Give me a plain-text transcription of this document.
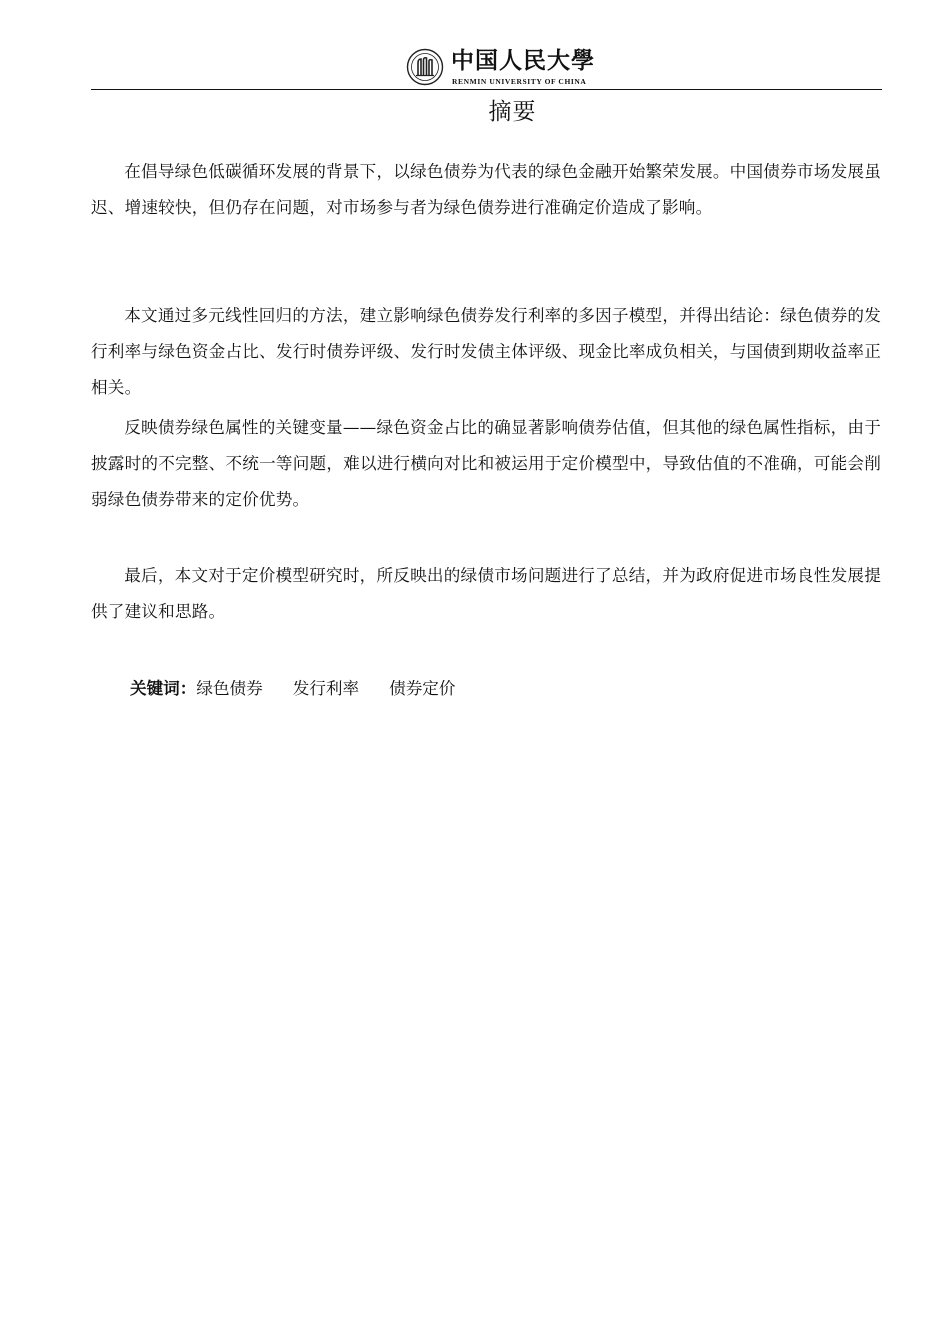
中国人民大學
RENMIN UNIVERSITY OF CHINA
摘要

在倡导绿色低碳循环发展的背景下，以绿色债券为代表的绿色金融开始繁荣发展。中国债券市场发展虽迟、增速较快，但仍存在问题，对市场参与者为绿色债券进行准确定价造成了影响。

本文通过多元线性回归的方法，建立影响绿色债券发行利率的多因子模型，并得出结论：绿色债券的发行利率与绿色资金占比、发行时债券评级、发行时发债主体评级、现金比率成负相关，与国债到期收益率正相关。

反映债券绿色属性的关键变量——绿色资金占比的确显著影响债券估值，但其他的绿色属性指标，由于披露时的不完整、不统一等问题，难以进行横向对比和被运用于定价模型中，导致估值的不准确，可能会削弱绿色债券带来的定价优势。

最后，本文对于定价模型研究时，所反映出的绿债市场问题进行了总结，并为政府促进市场良性发展提供了建议和思路。

关键词：绿色债券 发行利率 债券定价
